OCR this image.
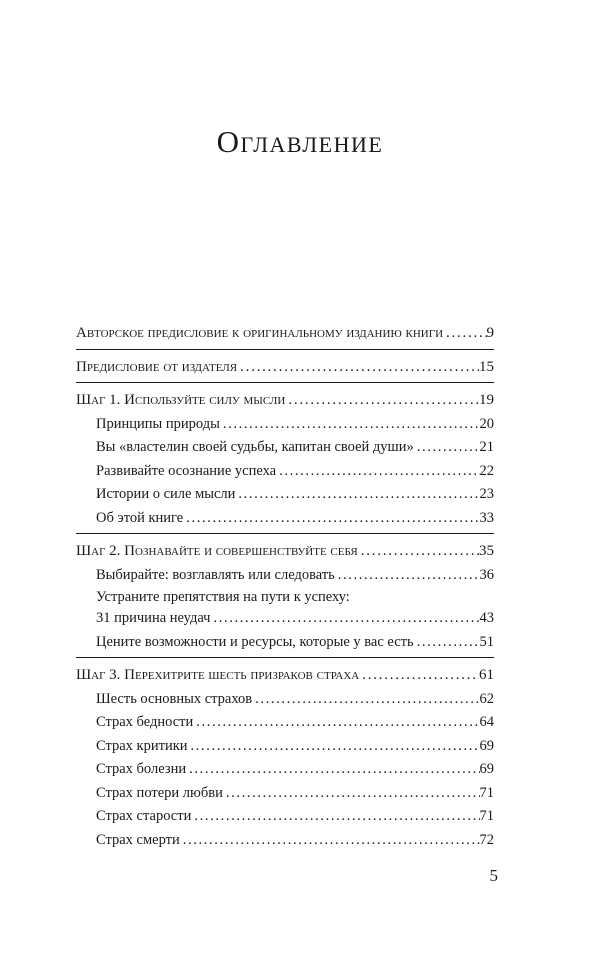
Оглавление
Авторское предисловие к оригинальному изданию книги . . .	9
Предисловие от издателя . . .	15
Шаг 1. Используйте силу мысли . . .	19
Принципы природы . . .	20
Вы «властелин своей судьбы, капитан своей души» . . .	21
Развивайте осознание успеха . . .	22
Истории о силе мысли . . .	23
Об этой книге . . .	33
Шаг 2. Познавайте и совершенствуйте себя . . .	35
Выбирайте: возглавлять или следовать . . .	36
Устраните препятствия на пути к успеху:
31 причина неудач . . .	43
Цените возможности и ресурсы, которые у вас есть . . .	51
Шаг 3. Перехитрите шесть призраков страха . . .	61
Шесть основных страхов . . .	62
Страх бедности . . .	64
Страх критики . . .	69
Страх болезни . . .	69
Страх потери любви . . .	71
Страх старости . . .	71
Страх смерти . . .	72
5
